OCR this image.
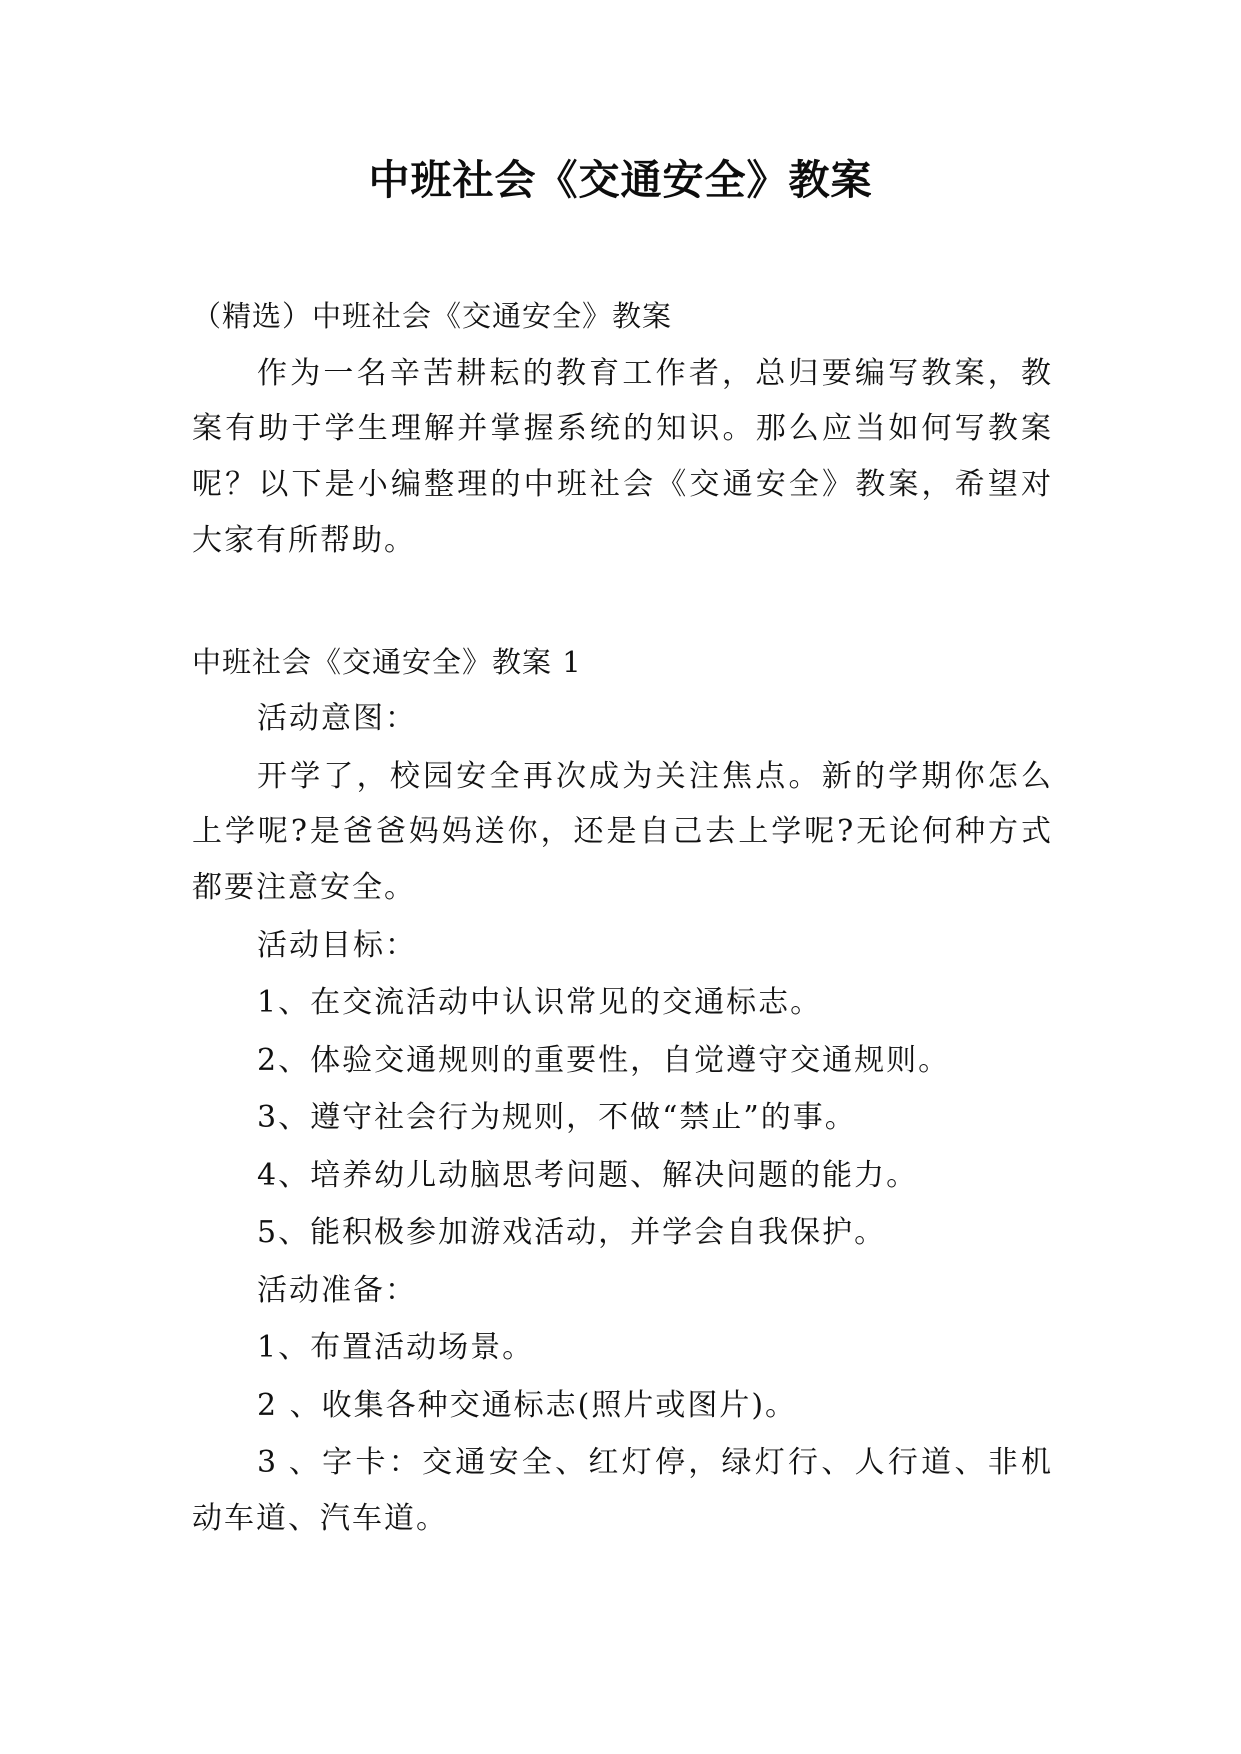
中班社会《交通安全》教案

（精选）中班社会《交通安全》教案

作为一名辛苦耕耘的教育工作者，总归要编写教案，教

案有助于学生理解并掌握系统的知识。那么应当如何写教案

呢？以下是小编整理的中班社会《交通安全》教案，希望对

大家有所帮助。

中班社会《交通安全》教案 1

活动意图：

开学了，校园安全再次成为关注焦点。新的学期你怎么

上学呢?是爸爸妈妈送你，还是自己去上学呢?无论何种方式

都要注意安全。

活动目标：

1、在交流活动中认识常见的交通标志。

2、体验交通规则的重要性，自觉遵守交通规则。

3、遵守社会行为规则，不做“禁止”的事。

4、培养幼儿动脑思考问题、解决问题的能力。

5、能积极参加游戏活动，并学会自我保护。

活动准备：

1、布置活动场景。

2 、收集各种交通标志(照片或图片)。

3 、字卡：交通安全、红灯停，绿灯行、人行道、非机

动车道、汽车道。
